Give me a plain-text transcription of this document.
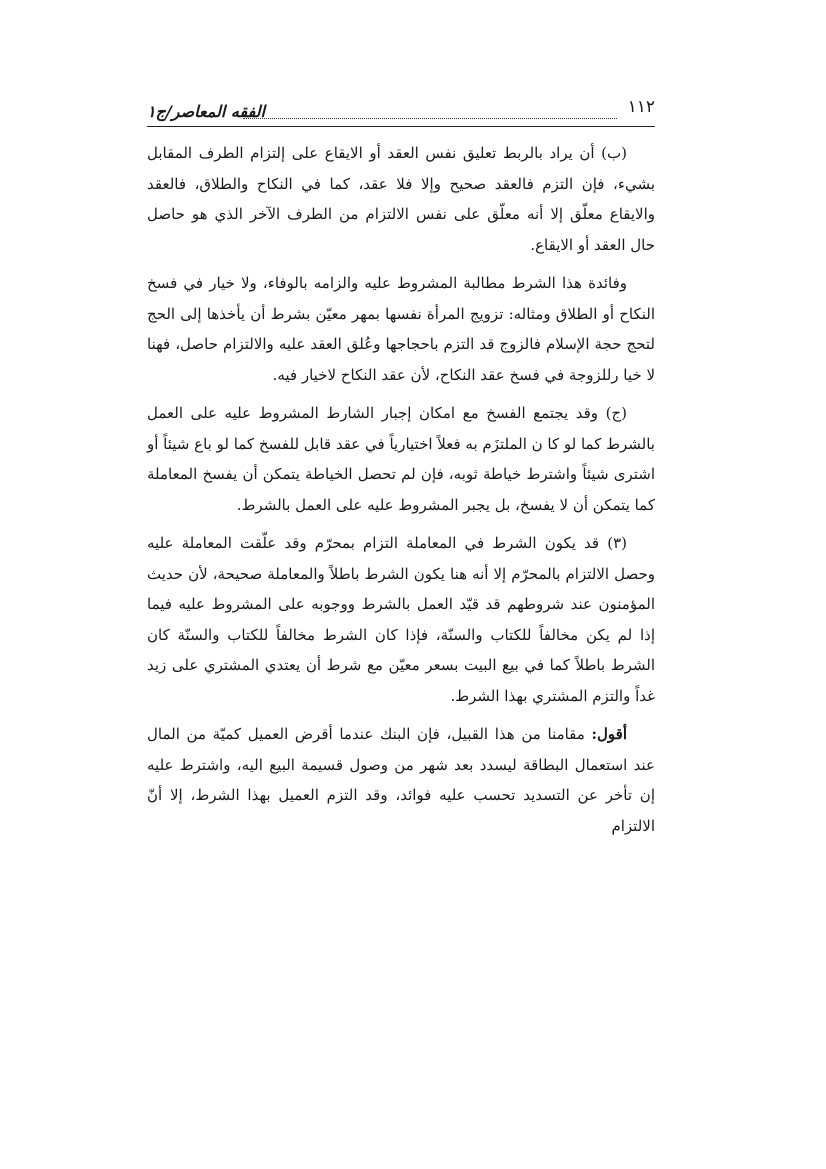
١١٢
الفقه المعاصر/ج١

(ب) أن يراد بالربط تعليق نفس العقد أو الايقاع على إلتزام الطرف المقابل بشيء، فإن التزم فالعقد صحيح وإلا فلا عقد، كما في النكاح والطلاق، فالعقد والايقاع معلّق إلا أنه معلّق على نفس الالتزام من الطرف الآخر الذي هو حاصل حال العقد أو الايقاع.

وفائدة هذا الشرط مطالبة المشروط عليه والزامه بالوفاء، ولا خيار في فسخ النكاح أو الطلاق ومثاله: تزويج المرأة نفسها بمهر معيّن بشرط أن يأخذها إلى الحج لتحج حجة الإسلام فالزوج قد التزم باحجاجها وعُلق العقد عليه والالتزام حاصل، فهنا لا خيا رللزوجة في فسخ عقد النكاح، لأن عقد النكاح لاخيار فيه.

(ج) وقد يجتمع الفسخ مع امكان إجبار الشارط المشروط عليه على العمل بالشرط كما لو كا ن الملتزَم به فعلاً اختيارياً في عقد قابل للفسخ كما لو باع شيئاً أو اشترى شيئاً واشترط خياطة ثوبه، فإن لم تحصل الخياطة يتمكن أن يفسخ المعاملة كما يتمكن أن لا يفسخ، بل يجبر المشروط عليه على العمل بالشرط.

(٣) قد يكون الشرط في المعاملة التزام بمحرّم وقد علّقت المعاملة عليه وحصل الالتزام بالمحرّم إلا أنه هنا يكون الشرط باطلاً والمعاملة صحيحة، لأن حديث المؤمنون عند شروطهم قد قيّد العمل بالشرط ووجوبه على المشروط عليه فيما إذا لم يكن مخالفاً للكتاب والسنّة، فإذا كان الشرط مخالفاً للكتاب والسنّة كان الشرط باطلاً كما في بيع البيت بسعر معيّن مع شرط أن يعتدي المشتري على زيد غداً والتزم المشتري بهذا الشرط.

أقول: مقامنا من هذا القبيل، فإن البنك عندما أقرض العميل كميّة من المال عند استعمال البطاقة ليسدد بعد شهر من وصول قسيمة البيع اليه، واشترط عليه إن تأخر عن التسديد تحسب عليه فوائد، وقد التزم العميل بهذا الشرط، إلا أنّ الالتزام
